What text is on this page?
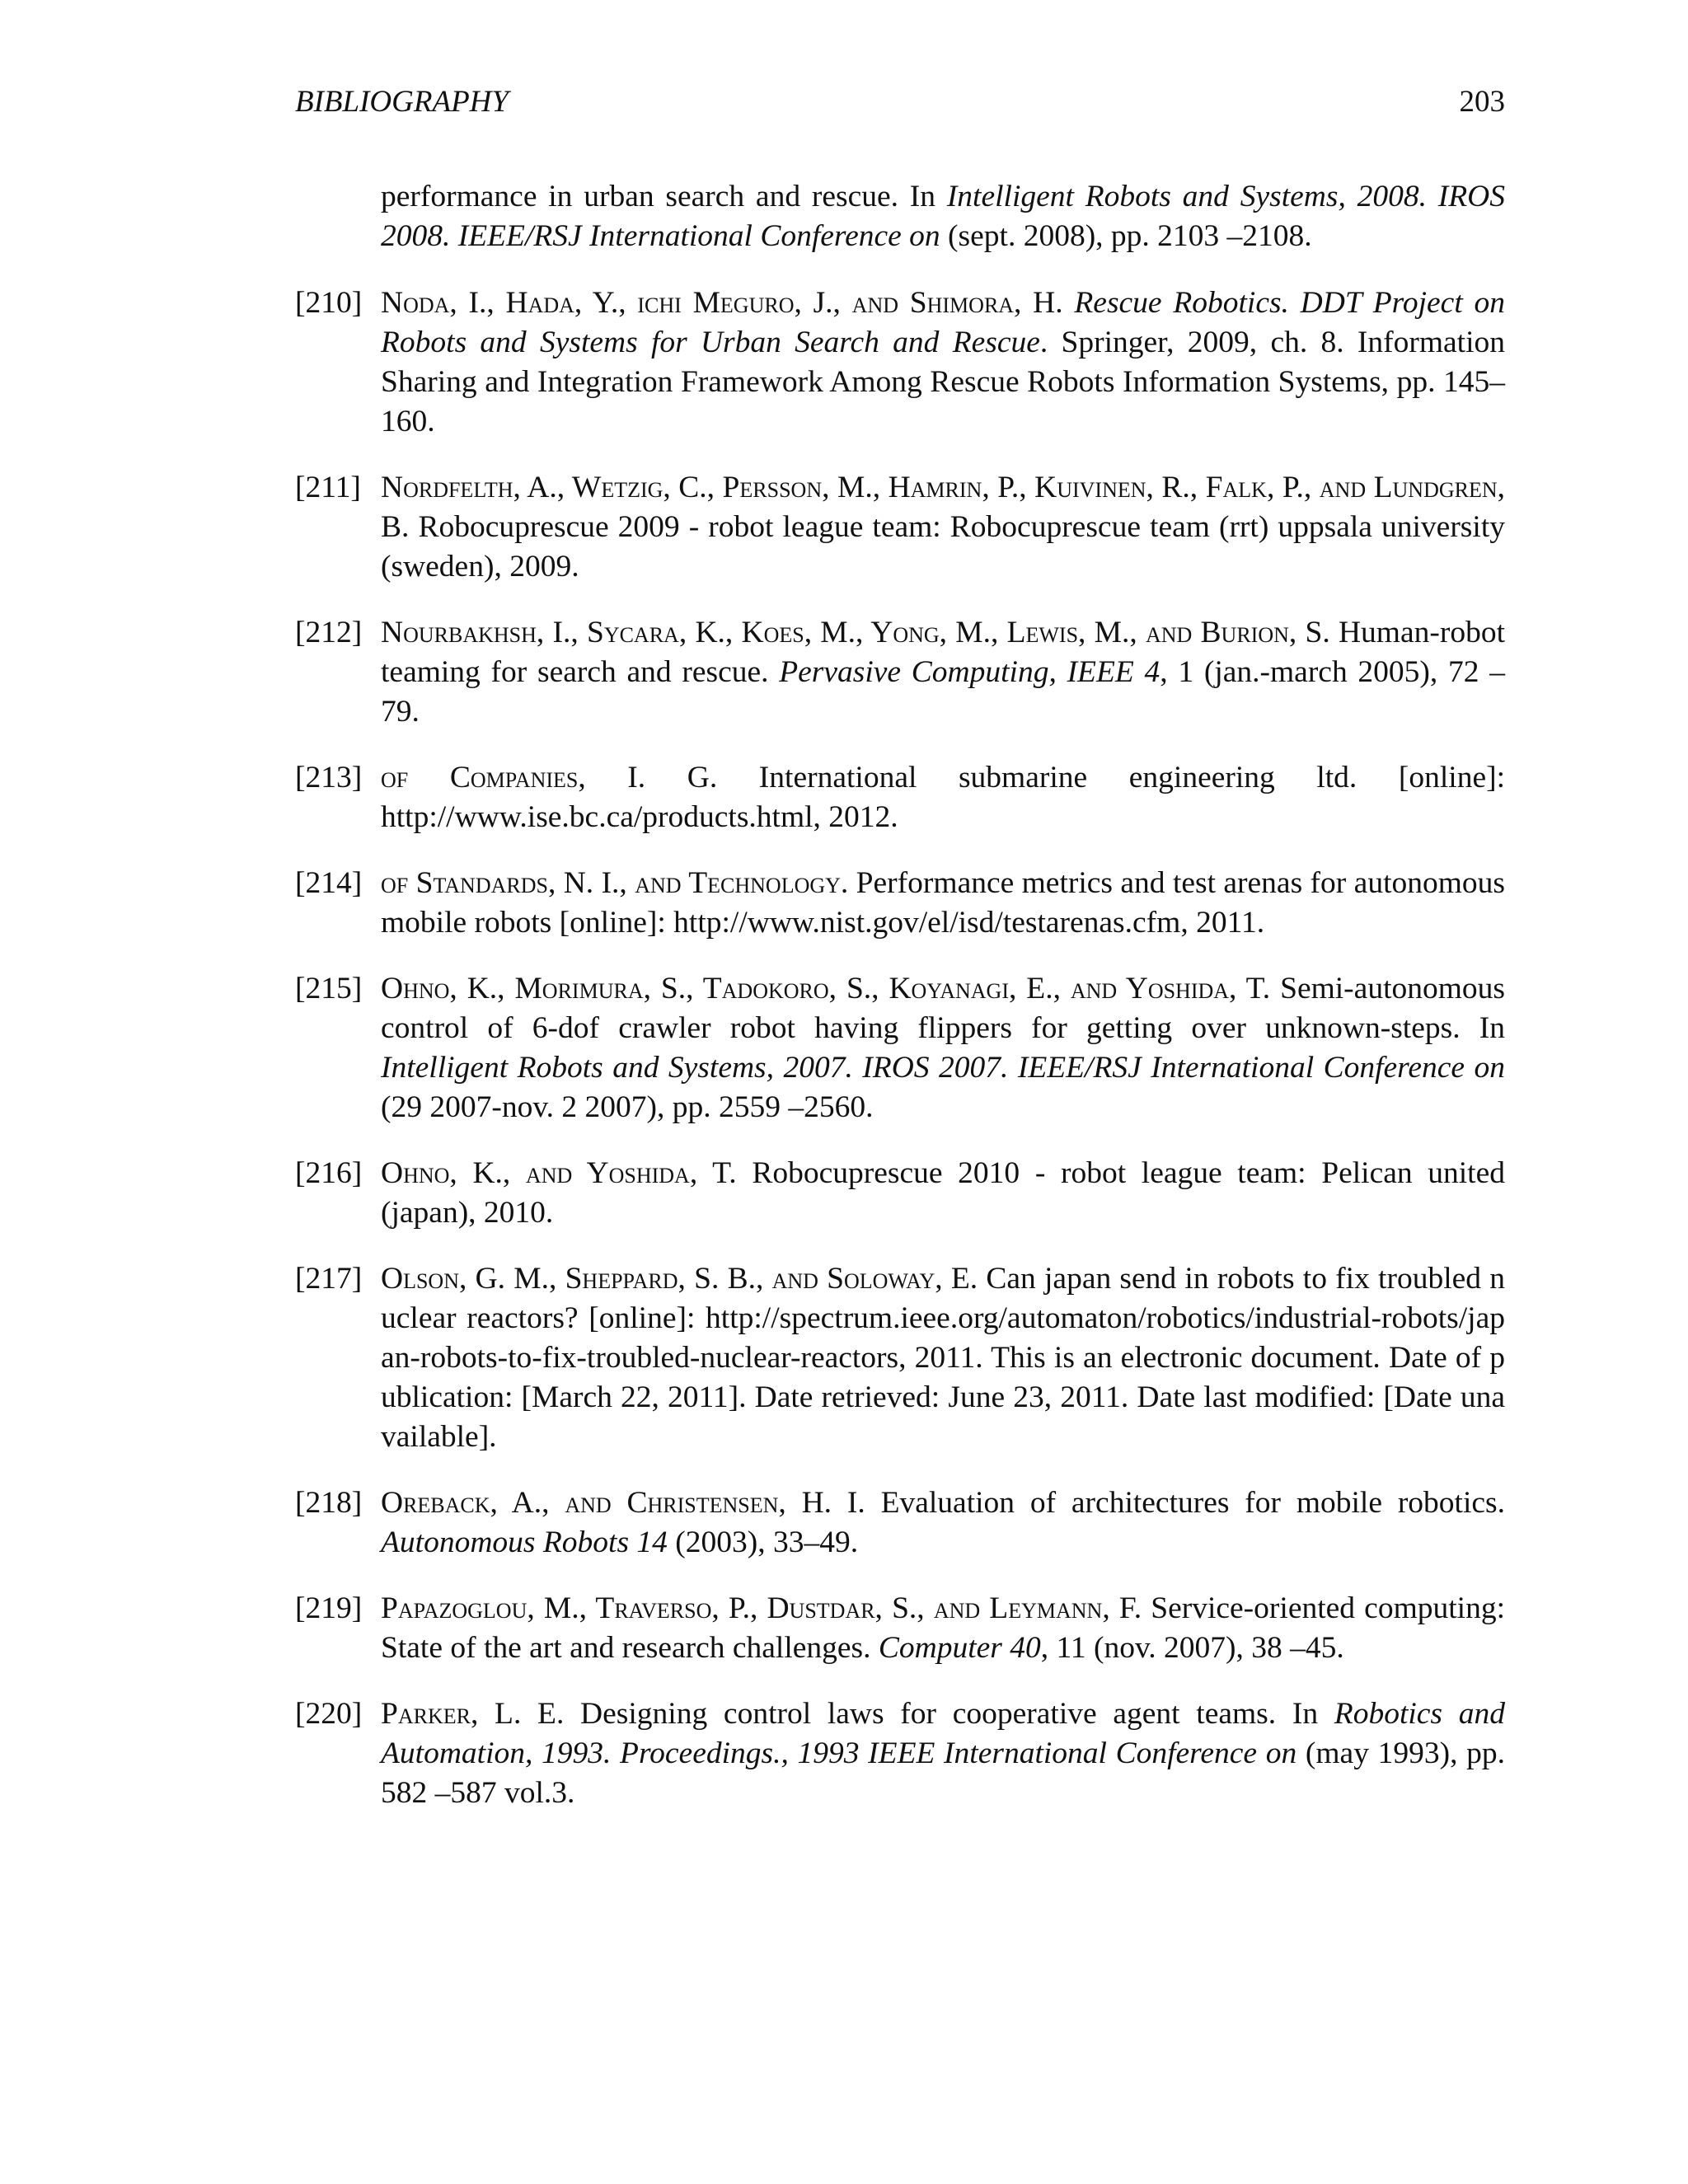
BIBLIOGRAPHY	203
performance in urban search and rescue. In Intelligent Robots and Systems, 2008. IROS 2008. IEEE/RSJ International Conference on (sept. 2008), pp. 2103 –2108.
[210] Noda, I., Hada, Y., ichi Meguro, J., and Shimora, H. Rescue Robotics. DDT Project on Robots and Systems for Urban Search and Rescue. Springer, 2009, ch. 8. Information Sharing and Integration Framework Among Rescue Robots Information Systems, pp. 145–160.
[211] Nordfelth, A., Wetzig, C., Persson, M., Hamrin, P., Kuivinen, R., Falk, P., and Lundgren, B. Robocuprescue 2009 - robot league team: Robocuprescue team (rrt) uppsala university (sweden), 2009.
[212] Nourbakhsh, I., Sycara, K., Koes, M., Yong, M., Lewis, M., and Burion, S. Human-robot teaming for search and rescue. Pervasive Computing, IEEE 4, 1 (jan.-march 2005), 72 – 79.
[213] of Companies, I. G. International submarine engineering ltd. [online]: http://www.ise.bc.ca/products.html, 2012.
[214] of Standards, N. I., and Technology. Performance metrics and test arenas for autonomous mobile robots [online]: http://www.nist.gov/el/isd/testarenas.cfm, 2011.
[215] Ohno, K., Morimura, S., Tadokoro, S., Koyanagi, E., and Yoshida, T. Semi-autonomous control of 6-dof crawler robot having flippers for getting over unknown-steps. In Intelligent Robots and Systems, 2007. IROS 2007. IEEE/RSJ International Conference on (29 2007-nov. 2 2007), pp. 2559 –2560.
[216] Ohno, K., and Yoshida, T. Robocuprescue 2010 - robot league team: Pelican united (japan), 2010.
[217] Olson, G. M., Sheppard, S. B., and Soloway, E. Can japan send in robots to fix troubled nuclear reactors? [online]: http://spectrum.ieee.org/automaton/robotics/industrial-robots/japan-robots-to-fix-troubled-nuclear-reactors, 2011. This is an electronic document. Date of publication: [March 22, 2011]. Date retrieved: June 23, 2011. Date last modified: [Date unavailable].
[218] Oreback, A., and Christensen, H. I. Evaluation of architectures for mobile robotics. Autonomous Robots 14 (2003), 33–49.
[219] Papazoglou, M., Traverso, P., Dustdar, S., and Leymann, F. Service-oriented computing: State of the art and research challenges. Computer 40, 11 (nov. 2007), 38 –45.
[220] Parker, L. E. Designing control laws for cooperative agent teams. In Robotics and Automation, 1993. Proceedings., 1993 IEEE International Conference on (may 1993), pp. 582 –587 vol.3.
